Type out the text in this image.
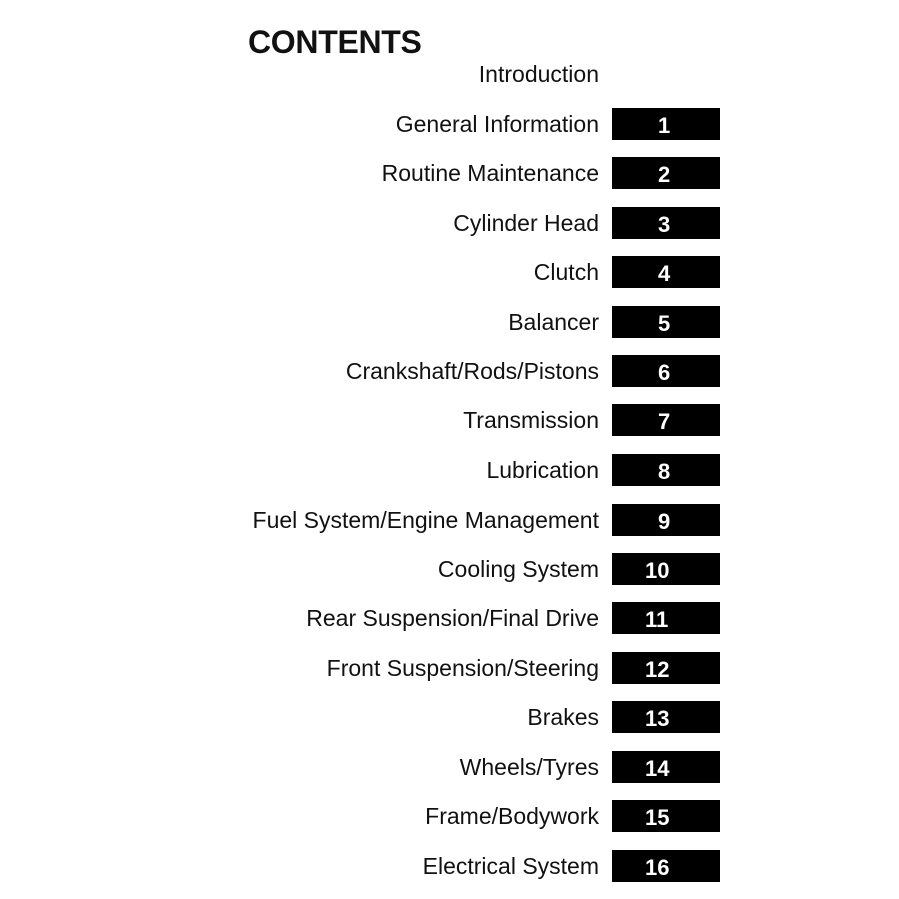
CONTENTS
Introduction
General Information	1
Routine Maintenance	2
Cylinder Head	3
Clutch	4
Balancer	5
Crankshaft/Rods/Pistons	6
Transmission	7
Lubrication	8
Fuel System/Engine Management	9
Cooling System	10
Rear Suspension/Final Drive	11
Front Suspension/Steering	12
Brakes	13
Wheels/Tyres	14
Frame/Bodywork	15
Electrical System	16
